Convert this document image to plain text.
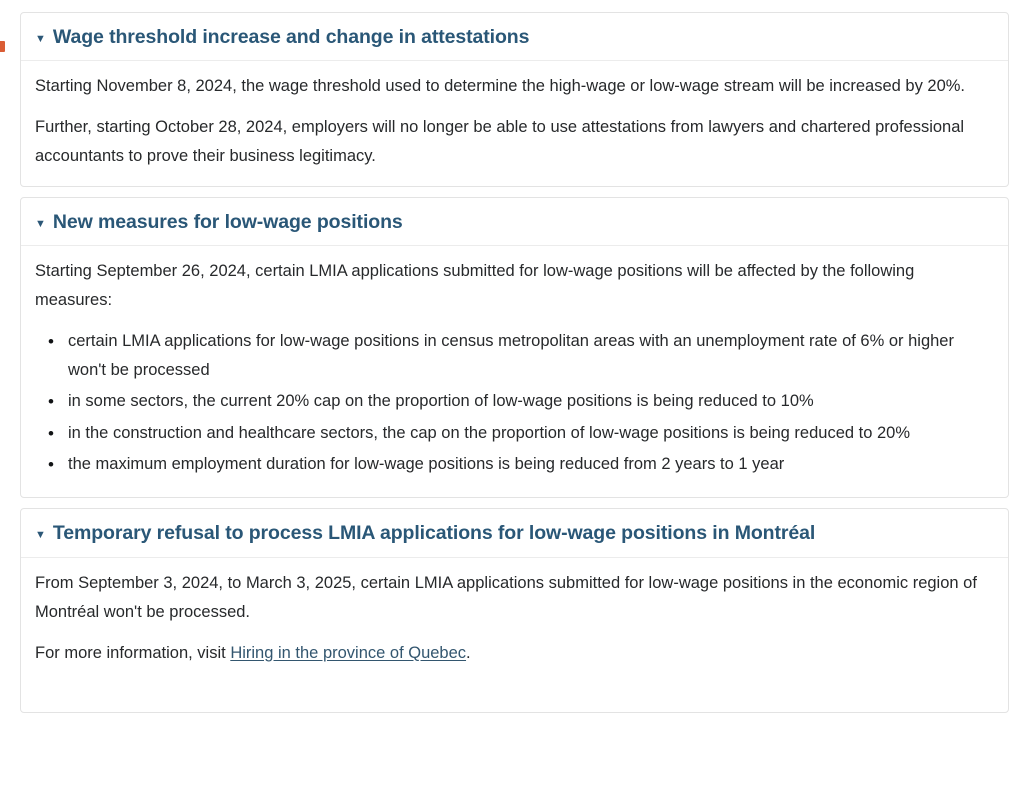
▼ Wage threshold increase and change in attestations

Starting November 8, 2024, the wage threshold used to determine the high-wage or low-wage stream will be increased by 20%.

Further, starting October 28, 2024, employers will no longer be able to use attestations from lawyers and chartered professional accountants to prove their business legitimacy.

▼ New measures for low-wage positions

Starting September 26, 2024, certain LMIA applications submitted for low-wage positions will be affected by the following measures:

• certain LMIA applications for low-wage positions in census metropolitan areas with an unemployment rate of 6% or higher won't be processed
• in some sectors, the current 20% cap on the proportion of low-wage positions is being reduced to 10%
• in the construction and healthcare sectors, the cap on the proportion of low-wage positions is being reduced to 20%
• the maximum employment duration for low-wage positions is being reduced from 2 years to 1 year
▼ Temporary refusal to process LMIA applications for low-wage positions in Montréal

From September 3, 2024, to March 3, 2025, certain LMIA applications submitted for low-wage positions in the economic region of Montréal won't be processed.

For more information, visit Hiring in the province of Quebec.
